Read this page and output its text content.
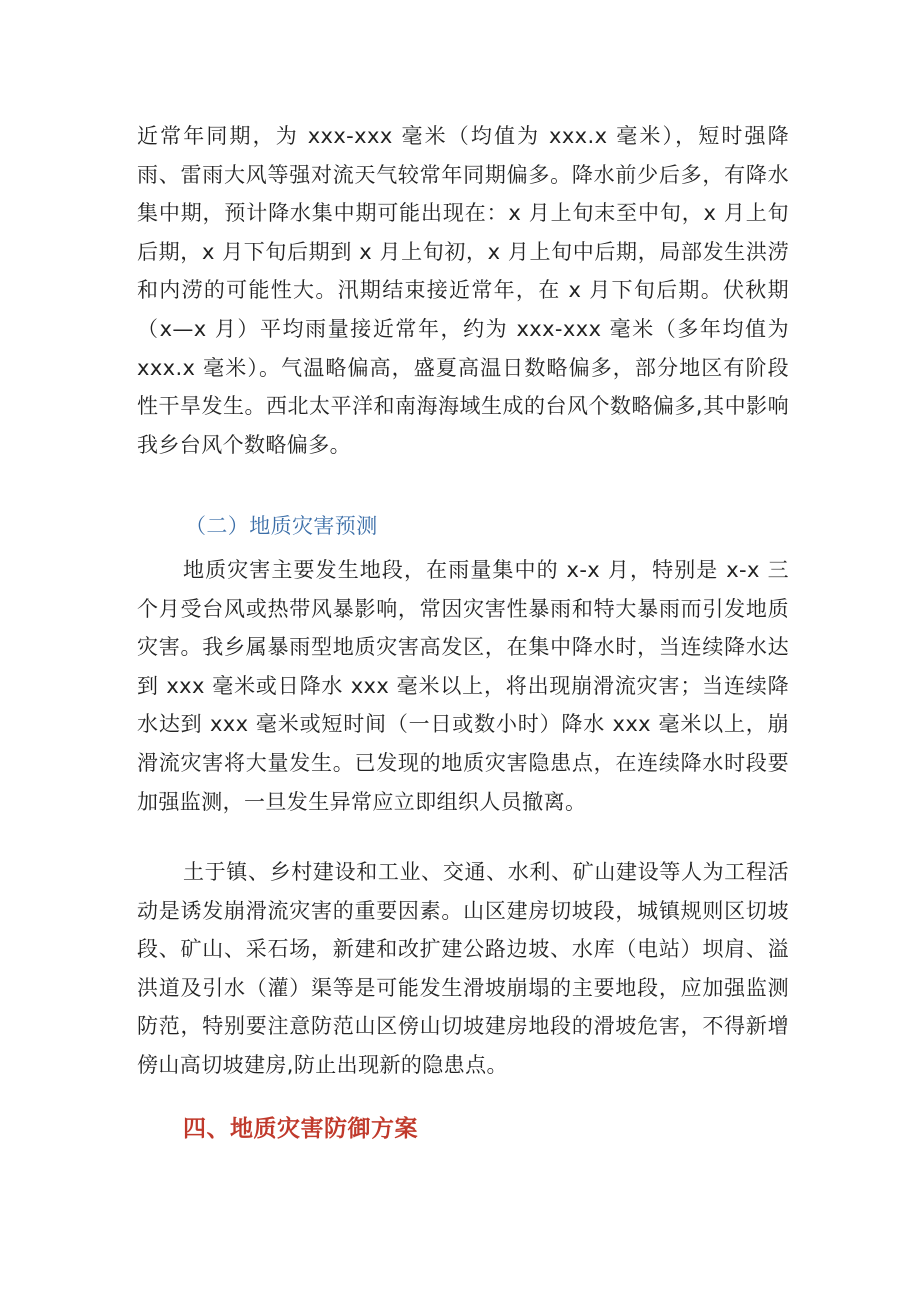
近常年同期，为 xxx-xxx 毫米（均值为 xxx.x 毫米），短时强降雨、雷雨大风等强对流天气较常年同期偏多。降水前少后多，有降水集中期，预计降水集中期可能出现在：x 月上旬末至中旬，x 月上旬后期，x 月下旬后期到 x 月上旬初，x 月上旬中后期，局部发生洪涝和内涝的可能性大。汛期结束接近常年，在 x 月下旬后期。伏秋期（x—x 月）平均雨量接近常年，约为 xxx-xxx 毫米（多年均值为 xxx.x 毫米）。气温略偏高，盛夏高温日数略偏多，部分地区有阶段性干旱发生。西北太平洋和南海海域生成的台风个数略偏多,其中影响我乡台风个数略偏多。
（二）地质灾害预测
地质灾害主要发生地段，在雨量集中的 x-x 月，特别是 x-x 三个月受台风或热带风暴影响，常因灾害性暴雨和特大暴雨而引发地质灾害。我乡属暴雨型地质灾害高发区，在集中降水时，当连续降水达到 xxx 毫米或日降水 xxx 毫米以上，将出现崩滑流灾害；当连续降水达到 xxx 毫米或短时间（一日或数小时）降水 xxx 毫米以上，崩滑流灾害将大量发生。已发现的地质灾害隐患点，在连续降水时段要加强监测，一旦发生异常应立即组织人员撤离。
土于镇、乡村建设和工业、交通、水利、矿山建设等人为工程活动是诱发崩滑流灾害的重要因素。山区建房切坡段，城镇规则区切坡段、矿山、采石场，新建和改扩建公路边坡、水库（电站）坝肩、溢洪道及引水（灌）渠等是可能发生滑坡崩塌的主要地段，应加强监测防范，特别要注意防范山区傍山切坡建房地段的滑坡危害，不得新增傍山高切坡建房,防止出现新的隐患点。
四、地质灾害防御方案
